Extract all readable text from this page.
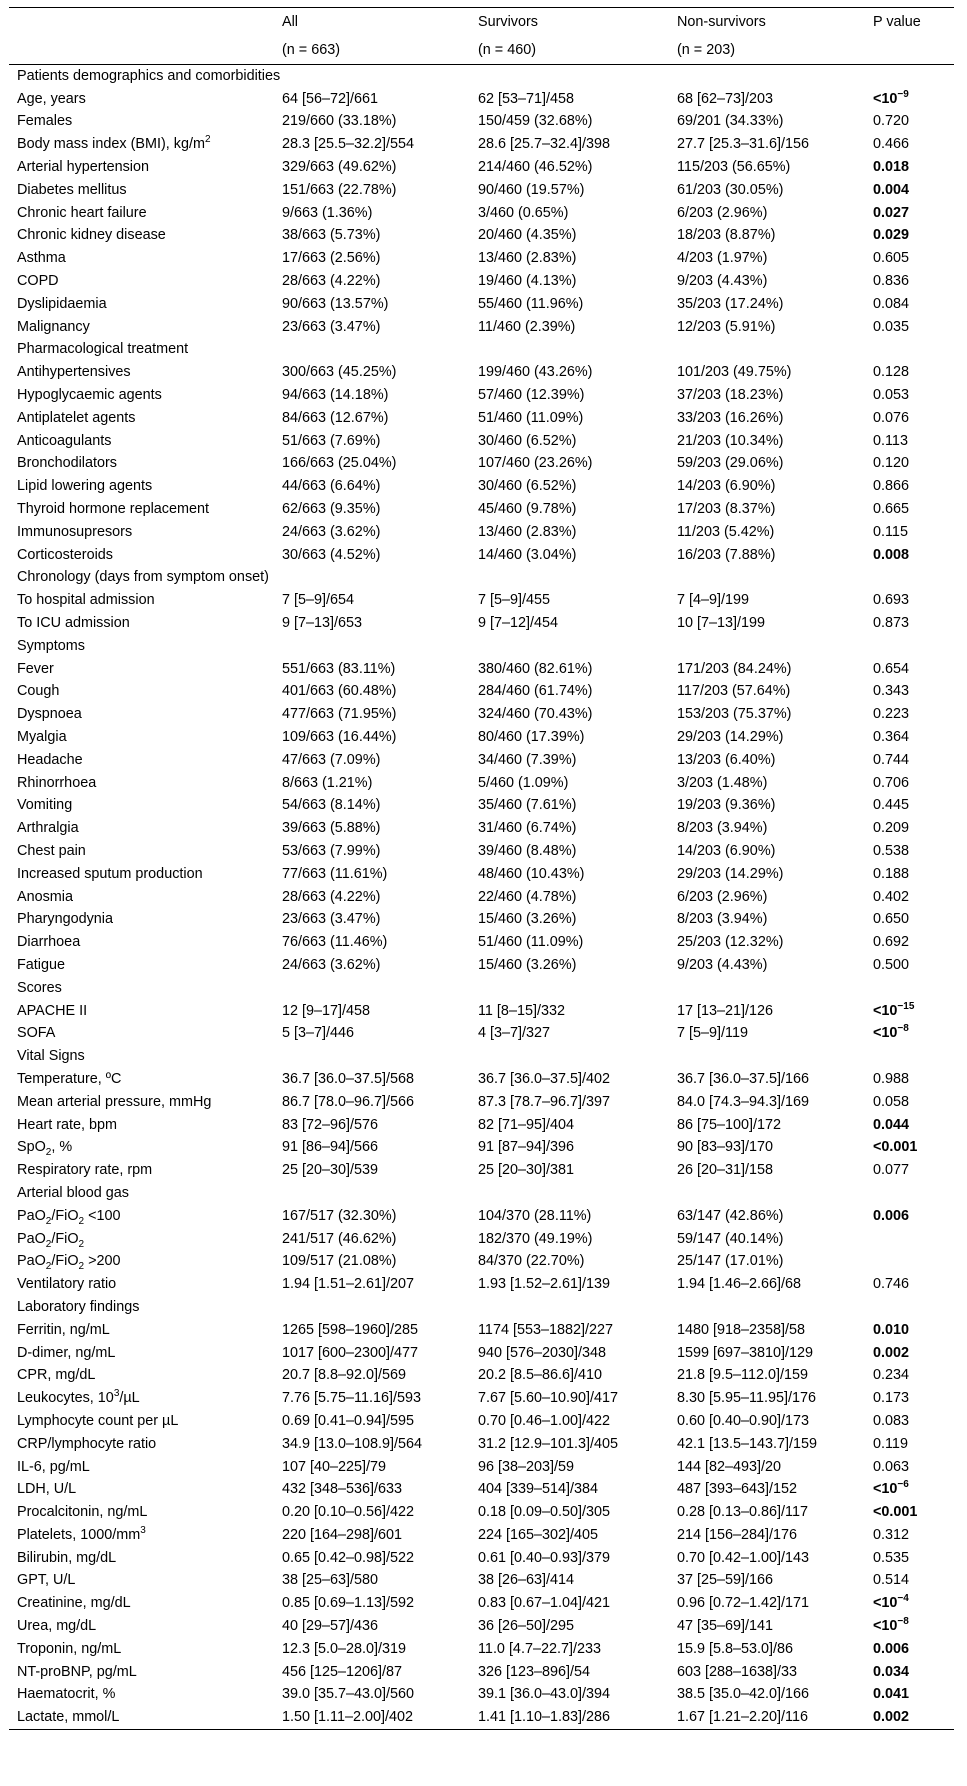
	All	Survivors	Non-survivors	P value
	(n = 663)	(n = 460)	(n = 203)	
Patients demographics and comorbidities				
Age, years	64 [56–72]/661	62 [53–71]/458	68 [62–73]/203	$<10^{-9}$
Females	219/660 (33.18%)	150/459 (32.68%)	69/201 (34.33%)	0.720
Body mass index (BMI), $kg/m^2$	28.3 [25.5–32.2]/554	28.6 [25.7–32.4]/398	27.7 [25.3–31.6]/156	0.466
Arterial hypertension	329/663 (49.62%)	214/460 (46.52%)	115/203 (56.65%)	0.018
Diabetes mellitus	151/663 (22.78%)	90/460 (19.57%)	61/203 (30.05%)	0.004
Chronic heart failure	9/663 (1.36%)	3/460 (0.65%)	6/203 (2.96%)	0.027
Chronic kidney disease	38/663 (5.73%)	20/460 (4.35%)	18/203 (8.87%)	0.029
Asthma	17/663 (2.56%)	13/460 (2.83%)	4/203 (1.97%)	0.605
COPD	28/663 (4.22%)	19/460 (4.13%)	9/203 (4.43%)	0.836
Dyslipidaemia	90/663 (13.57%)	55/460 (11.96%)	35/203 (17.24%)	0.084
Malignancy	23/663 (3.47%)	11/460 (2.39%)	12/203 (5.91%)	0.035
Pharmacological treatment				
Antihypertensives	300/663 (45.25%)	199/460 (43.26%)	101/203 (49.75%)	0.128
Hypoglycaemic agents	94/663 (14.18%)	57/460 (12.39%)	37/203 (18.23%)	0.053
Antiplatelet agents	84/663 (12.67%)	51/460 (11.09%)	33/203 (16.26%)	0.076
Anticoagulants	51/663 (7.69%)	30/460 (6.52%)	21/203 (10.34%)	0.113
Bronchodilators	166/663 (25.04%)	107/460 (23.26%)	59/203 (29.06%)	0.120
Lipid lowering agents	44/663 (6.64%)	30/460 (6.52%)	14/203 (6.90%)	0.866
Thyroid hormone replacement	62/663 (9.35%)	45/460 (9.78%)	17/203 (8.37%)	0.665
Immunosupresors	24/663 (3.62%)	13/460 (2.83%)	11/203 (5.42%)	0.115
Corticosteroids	30/663 (4.52%)	14/460 (3.04%)	16/203 (7.88%)	0.008
Chronology (days from symptom onset)				
To hospital admission	7 [5–9]/654	7 [5–9]/455	7 [4–9]/199	0.693
To ICU admission	9 [7–13]/653	9 [7–12]/454	10 [7–13]/199	0.873
Symptoms				
Fever	551/663 (83.11%)	380/460 (82.61%)	171/203 (84.24%)	0.654
Cough	401/663 (60.48%)	284/460 (61.74%)	117/203 (57.64%)	0.343
Dyspnoea	477/663 (71.95%)	324/460 (70.43%)	153/203 (75.37%)	0.223
Myalgia	109/663 (16.44%)	80/460 (17.39%)	29/203 (14.29%)	0.364
Headache	47/663 (7.09%)	34/460 (7.39%)	13/203 (6.40%)	0.744
Rhinorrhoea	8/663 (1.21%)	5/460 (1.09%)	3/203 (1.48%)	0.706
Vomiting	54/663 (8.14%)	35/460 (7.61%)	19/203 (9.36%)	0.445
Arthralgia	39/663 (5.88%)	31/460 (6.74%)	8/203 (3.94%)	0.209
Chest pain	53/663 (7.99%)	39/460 (8.48%)	14/203 (6.90%)	0.538
Increased sputum production	77/663 (11.61%)	48/460 (10.43%)	29/203 (14.29%)	0.188
Anosmia	28/663 (4.22%)	22/460 (4.78%)	6/203 (2.96%)	0.402
Pharyngodynia	23/663 (3.47%)	15/460 (3.26%)	8/203 (3.94%)	0.650
Diarrhoea	76/663 (11.46%)	51/460 (11.09%)	25/203 (12.32%)	0.692
Fatigue	24/663 (3.62%)	15/460 (3.26%)	9/203 (4.43%)	0.500
Scores				
APACHE II	12 [9–17]/458	11 [8–15]/332	17 [13–21]/126	$<10^{-15}$
SOFA	5 [3–7]/446	4 [3–7]/327	7 [5–9]/119	$<10^{-8}$
Vital Signs				
Temperature, ºC	36.7 [36.0–37.5]/568	36.7 [36.0–37.5]/402	36.7 [36.0–37.5]/166	0.988
Mean arterial pressure, mmHg	86.7 [78.0–96.7]/566	87.3 [78.7–96.7]/397	84.0 [74.3–94.3]/169	0.058
Heart rate, bpm	83 [72–96]/576	82 [71–95]/404	86 [75–100]/172	0.044
SpO$_2$, %	91 [86–94]/566	91 [87–94]/396	90 [83–93]/170	<0.001
Respiratory rate, rpm	25 [20–30]/539	25 [20–30]/381	26 [20–31]/158	0.077
Arterial blood gas				
PaO$_2$/FiO$_2$ <100	167/517 (32.30%)	104/370 (28.11%)	63/147 (42.86%)	0.006
PaO$_2$/FiO$_2$	241/517 (46.62%)	182/370 (49.19%)	59/147 (40.14%)	
PaO$_2$/FiO$_2$ >200	109/517 (21.08%)	84/370 (22.70%)	25/147 (17.01%)	
Ventilatory ratio	1.94 [1.51–2.61]/207	1.93 [1.52–2.61]/139	1.94 [1.46–2.66]/68	0.746
Laboratory findings				
Ferritin, ng/mL	1265 [598–1960]/285	1174 [553–1882]/227	1480 [918–2358]/58	0.010
D-dimer, ng/mL	1017 [600–2300]/477	940 [576–2030]/348	1599 [697–3810]/129	0.002
CPR, mg/dL	20.7 [8.8–92.0]/569	20.2 [8.5–86.6]/410	21.8 [9.5–112.0]/159	0.234
Leukocytes, $10^3/\mu L$	7.76 [5.75–11.16]/593	7.67 [5.60–10.90]/417	8.30 [5.95–11.95]/176	0.173
Lymphocyte count per µL	0.69 [0.41–0.94]/595	0.70 [0.46–1.00]/422	0.60 [0.40–0.90]/173	0.083
CRP/lymphocyte ratio	34.9 [13.0–108.9]/564	31.2 [12.9–101.3]/405	42.1 [13.5–143.7]/159	0.119
IL-6, pg/mL	107 [40–225]/79	96 [38–203]/59	144 [82–493]/20	0.063
LDH, U/L	432 [348–536]/633	404 [339–514]/384	487 [393–643]/152	$<10^{-6}$
Procalcitonin, ng/mL	0.20 [0.10–0.56]/422	0.18 [0.09–0.50]/305	0.28 [0.13–0.86]/117	<0.001
Platelets, $1000/mm^3$	220 [164–298]/601	224 [165–302]/405	214 [156–284]/176	0.312
Bilirubin, mg/dL	0.65 [0.42–0.98]/522	0.61 [0.40–0.93]/379	0.70 [0.42–1.00]/143	0.535
GPT, U/L	38 [25–63]/580	38 [26–63]/414	37 [25–59]/166	0.514
Creatinine, mg/dL	0.85 [0.69–1.13]/592	0.83 [0.67–1.04]/421	0.96 [0.72–1.42]/171	$<10^{-4}$
Urea, mg/dL	40 [29–57]/436	36 [26–50]/295	47 [35–69]/141	$<10^{-8}$
Troponin, ng/mL	12.3 [5.0–28.0]/319	11.0 [4.7–22.7]/233	15.9 [5.8–53.0]/86	0.006
NT-proBNP, pg/mL	456 [125–1206]/87	326 [123–896]/54	603 [288–1638]/33	0.034
Haematocrit, %	39.0 [35.7–43.0]/560	39.1 [36.0–43.0]/394	38.5 [35.0–42.0]/166	0.041
Lactate, mmol/L	1.50 [1.11–2.00]/402	1.41 [1.10–1.83]/286	1.67 [1.21–2.20]/116	0.002
